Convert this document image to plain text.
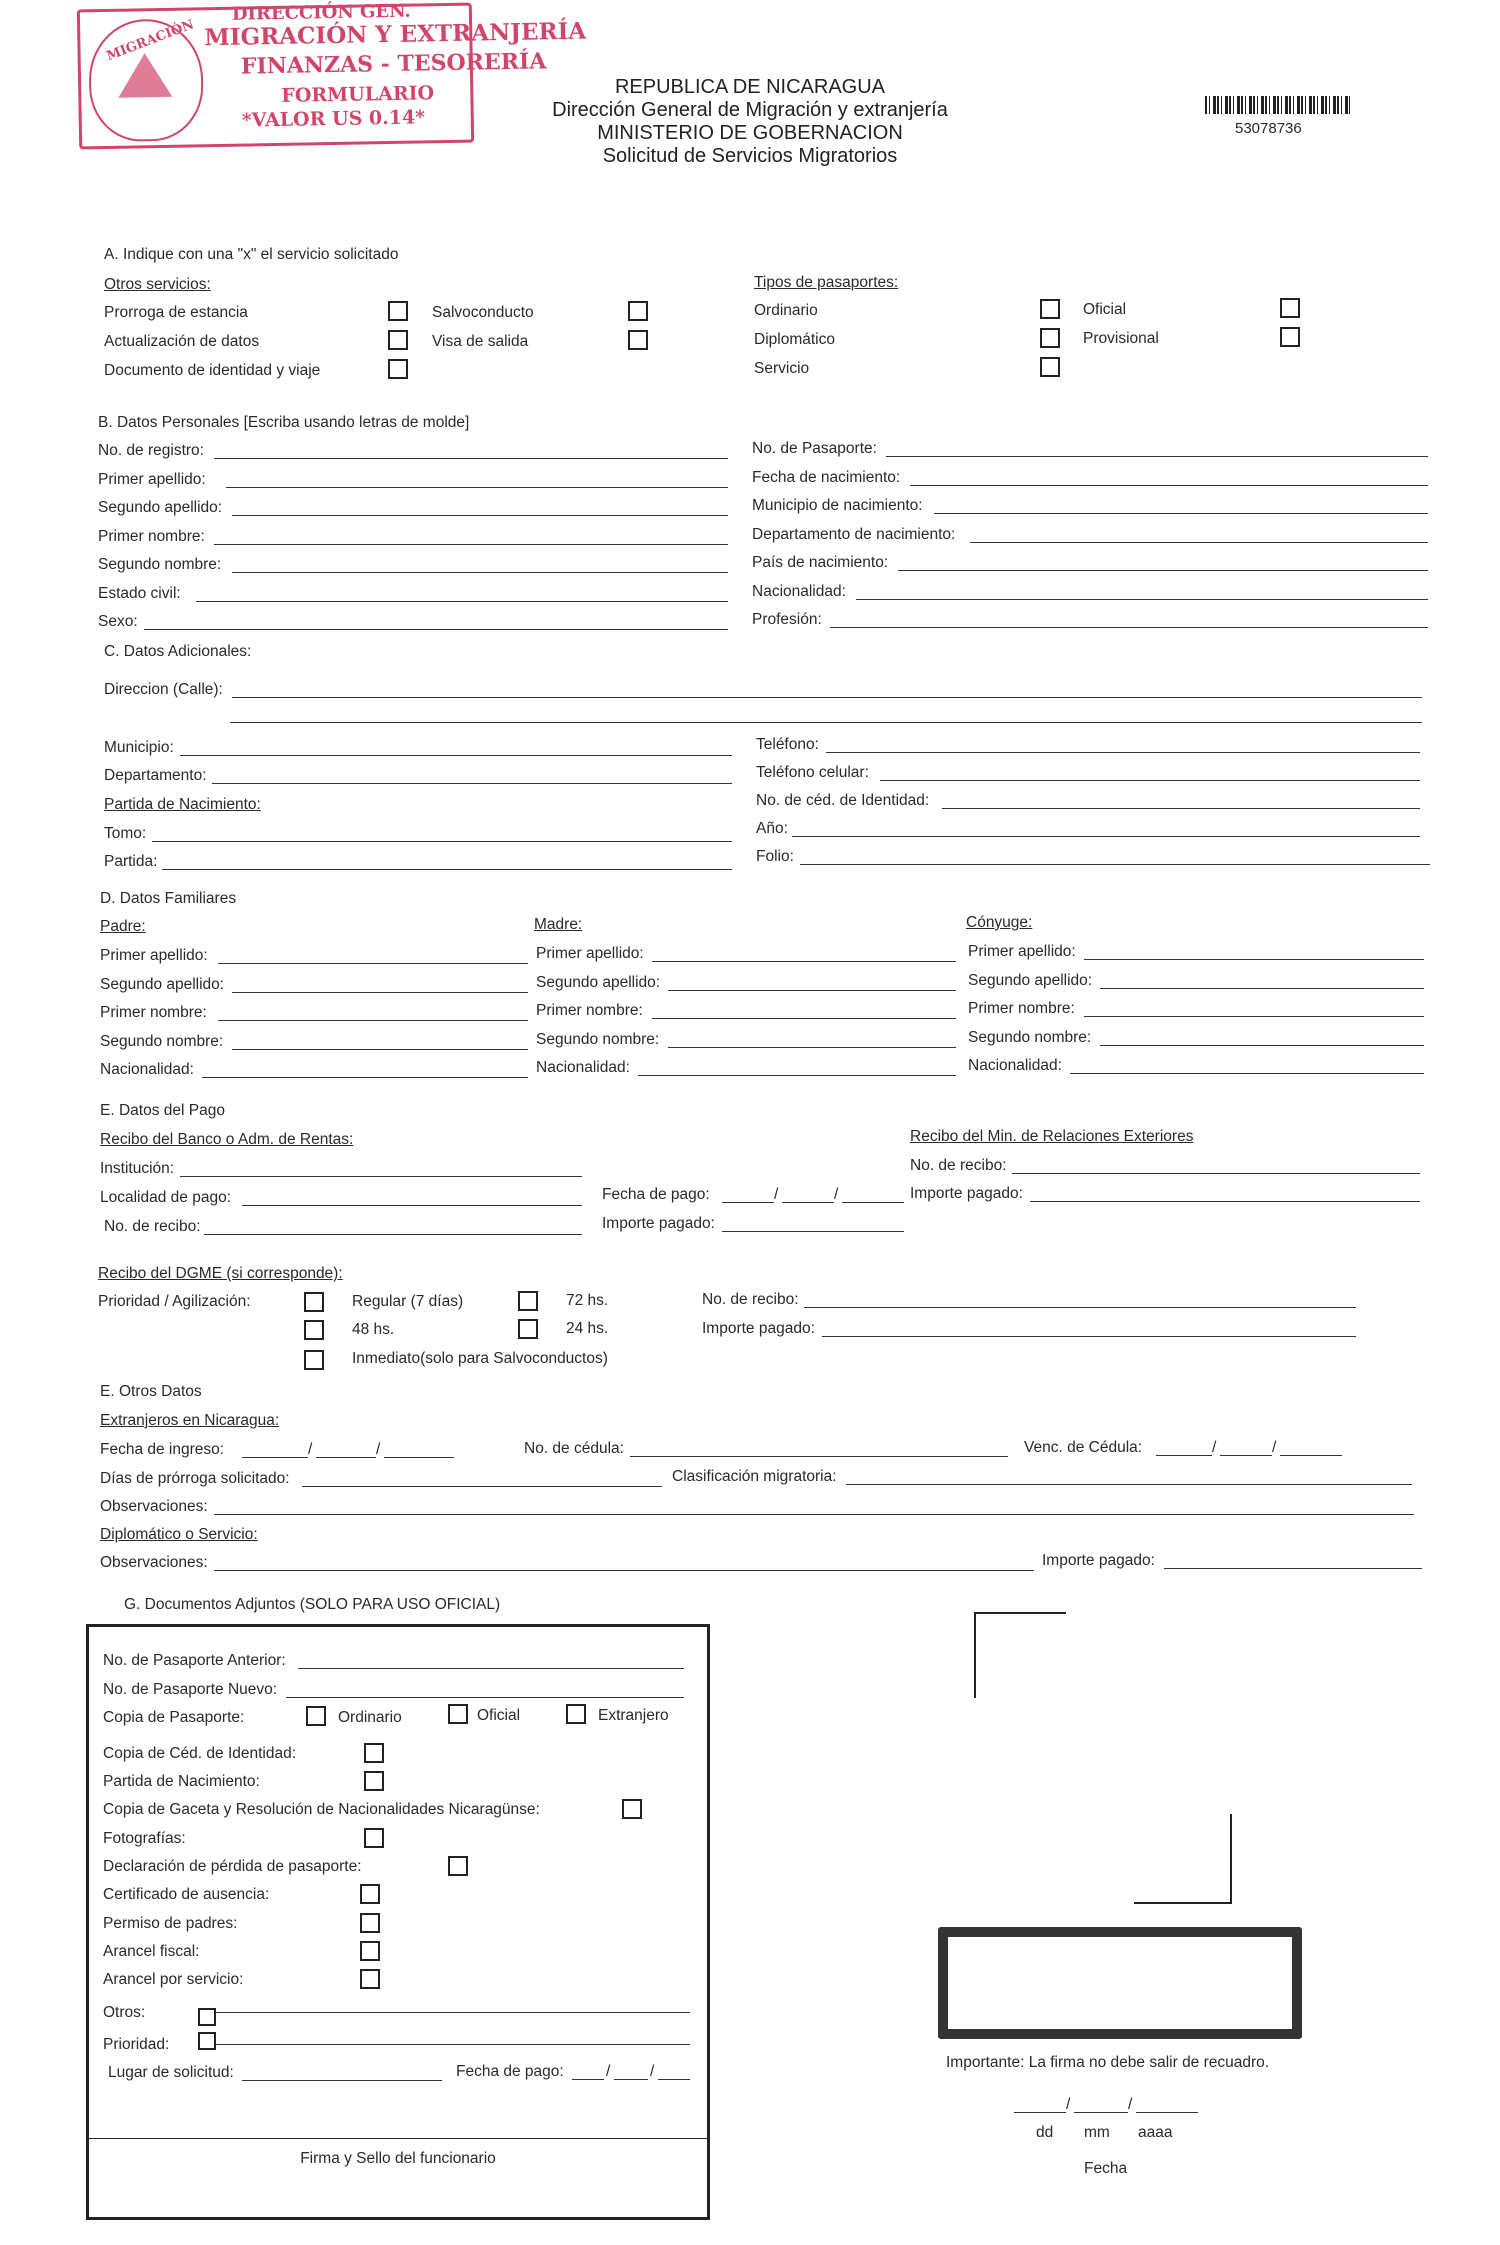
MIGRACIÓN
DIRECCIÓN GEN.
MIGRACIÓN Y EXTRANJERÍA
FINANZAS - TESORERÍA
FORMULARIO
*VALOR US 0.14*
REPUBLICA DE NICARAGUA
Dirección General de Migración y extranjería
MINISTERIO DE GOBERNACION
Solicitud de Servicios Migratorios
53078736
A. Indique con una "x" el servicio solicitado
Otros servicios:
Prorroga de estancia
Actualización de datos
Documento de identidad y viaje
Salvoconducto
Visa de salida
Tipos de pasaportes:
Ordinario
Diplomático
Servicio
Oficial
Provisional
B. Datos Personales [Escriba usando letras de molde]
No. de registro:
Primer apellido:
Segundo apellido:
Primer nombre:
Segundo nombre:
Estado civil:
Sexo:
No. de Pasaporte:
Fecha de nacimiento:
Municipio de nacimiento:
Departamento de nacimiento:
País de nacimiento:
Nacionalidad:
Profesión:
C. Datos Adicionales:
Direccion (Calle):
Municipio:
Departamento:
Partida de Nacimiento:
Tomo:
Partida:
Teléfono:
Teléfono celular:
No. de céd. de Identidad:
Año:
Folio:
D. Datos Familiares
Padre:	Madre:	Cónyuge:
Primer apellido:
Segundo apellido:
Primer nombre:
Segundo nombre:
Nacionalidad:
Primer apellido:
Segundo apellido:
Primer nombre:
Segundo nombre:
Nacionalidad:
Primer apellido:
Segundo apellido:
Primer nombre:
Segundo nombre:
Nacionalidad:
E. Datos del Pago
Recibo del Banco o Adm. de Rentas:
Institución:
Localidad de pago:
No. de recibo:
Fecha de pago:	/	/
Importe pagado:
Recibo del Min. de Relaciones Exteriores
No. de recibo:
Importe pagado:
Recibo del DGME (si corresponde):
Prioridad / Agilización:	Regular (7 días)	72 hs.
48 hs.	24 hs.
Inmediato(solo para Salvoconductos)
No. de recibo:
Importe pagado:
E. Otros Datos
Extranjeros en Nicaragua:
Fecha de ingreso:	/	/	No. de cédula:	Venc. de Cédula:	/	/
Días de prórroga solicitado:	Clasificación migratoria:
Observaciones:
Diplomático o Servicio:
Observaciones:	Importe pagado:
G. Documentos Adjuntos (SOLO PARA USO OFICIAL)
No. de Pasaporte Anterior:
No. de Pasaporte Nuevo:
Copia de Pasaporte:	Ordinario	Oficial	Extranjero
Copia de Céd. de Identidad:
Partida de Nacimiento:
Copia de Gaceta y Resolución de Nacionalidades Nicaragünse:
Fotografías:
Declaración de pérdida de pasaporte:
Certificado de ausencia:
Permiso de padres:
Arancel fiscal:
Arancel por servicio:
Otros:
Prioridad:
Lugar de solicitud:	Fecha de pago:	/	/
Firma y Sello del funcionario
Importante: La firma no debe salir de recuadro.
/	/
dd mm aaaa
Fecha
